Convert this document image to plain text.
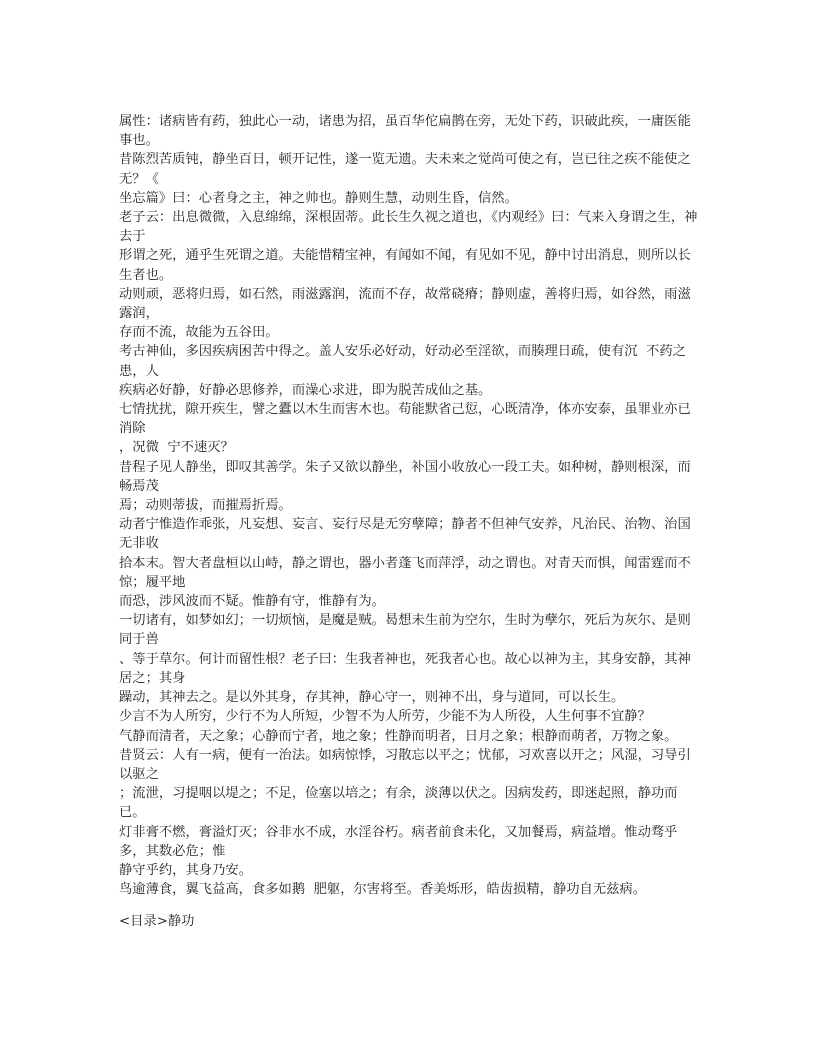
属性：诸病皆有药，独此心一动，诸患为招，虽百华佗扁鹊在旁，无处下药，识破此疾，一庸医能事也。

昔陈烈苦质钝，静坐百日，顿开记性，遂一览无遗。夫未来之觉尚可使之有，岂已往之疾不能使之无？《

坐忘篇》曰：心者身之主，神之帅也。静则生慧，动则生昏，信然。

老子云：出息微微，入息绵绵，深根固蒂。此长生久视之道也，《内观经》曰：气来入身谓之生，神去于

形谓之死，通乎生死谓之道。夫能惜精宝神，有闻如不闻，有见如不见，静中讨出消息，则所以长生者也。

动则顽，恶将归焉，如石然，雨滋露润，流而不存，故常硗瘠；静则虚，善将归焉，如谷然，雨滋露润，

存而不流，故能为五谷田。

考古神仙，多因疾病困苦中得之。盖人安乐必好动，好动必至淫欲，而腠理日疏，使有沉  不药之患，人

疾病必好静，好静必思修养，而澡心求进，即为脱苦成仙之基。

七情扰扰，隙开疾生，譬之蠹以木生而害木也。苟能默省己愆，心既清净，体亦安泰，虽罪业亦已消除

，况微  宁不速灭？

昔程子见人静坐，即叹其善学。朱子又欲以静坐，补国小收放心一段工夫。如种树，静则根深，而畅焉茂

焉；动则蒂拔，而摧焉折焉。

动者宁惟造作乖张，凡妄想、妄言、妄行尽是无穷孽障；静者不但神气安养，凡治民、治物、治国无非收

拾本末。智大者盘桓以山峙，静之谓也，器小者蓬飞而萍浮，动之谓也。对青天而惧，闻雷霆而不惊；履平地

而恐，涉风波而不疑。惟静有守，惟静有为。

一切诸有，如梦如幻；一切烦恼，是魔是贼。曷想未生前为空尔，生时为孽尔，死后为灰尔、是则同于兽

、等于草尔。何计而留性根？老子曰：生我者神也，死我者心也。故心以神为主，其身安静，其神居之；其身

躁动，其神去之。是以外其身，存其神，静心守一，则神不出，身与道同，可以长生。

少言不为人所穷，少行不为人所短，少智不为人所劳，少能不为人所役，人生何事不宜静？

气静而清者，天之象；心静而宁者，地之象；性静而明者，日月之象；根静而萌者，万物之象。

昔贤云：人有一病，便有一治法。如病惊悸，习散忘以平之；忧郁，习欢喜以开之；风湿，习导引以驱之

；流泄，习提咽以堤之；不足，俭塞以培之；有余，淡薄以伏之。因病发药，即迷起照，静功而已。

灯非膏不燃，膏溢灯灭；谷非水不成，水淫谷朽。病者前食未化，又加餐焉，病益增。惟动骛乎多，其数必危；惟

静守乎约，其身乃安。

鸟逾薄食，翼飞益高，食多如鹅  肥躯，尔害将至。香美烁形，皓齿损精，静功自无兹病。

<目录>静功
